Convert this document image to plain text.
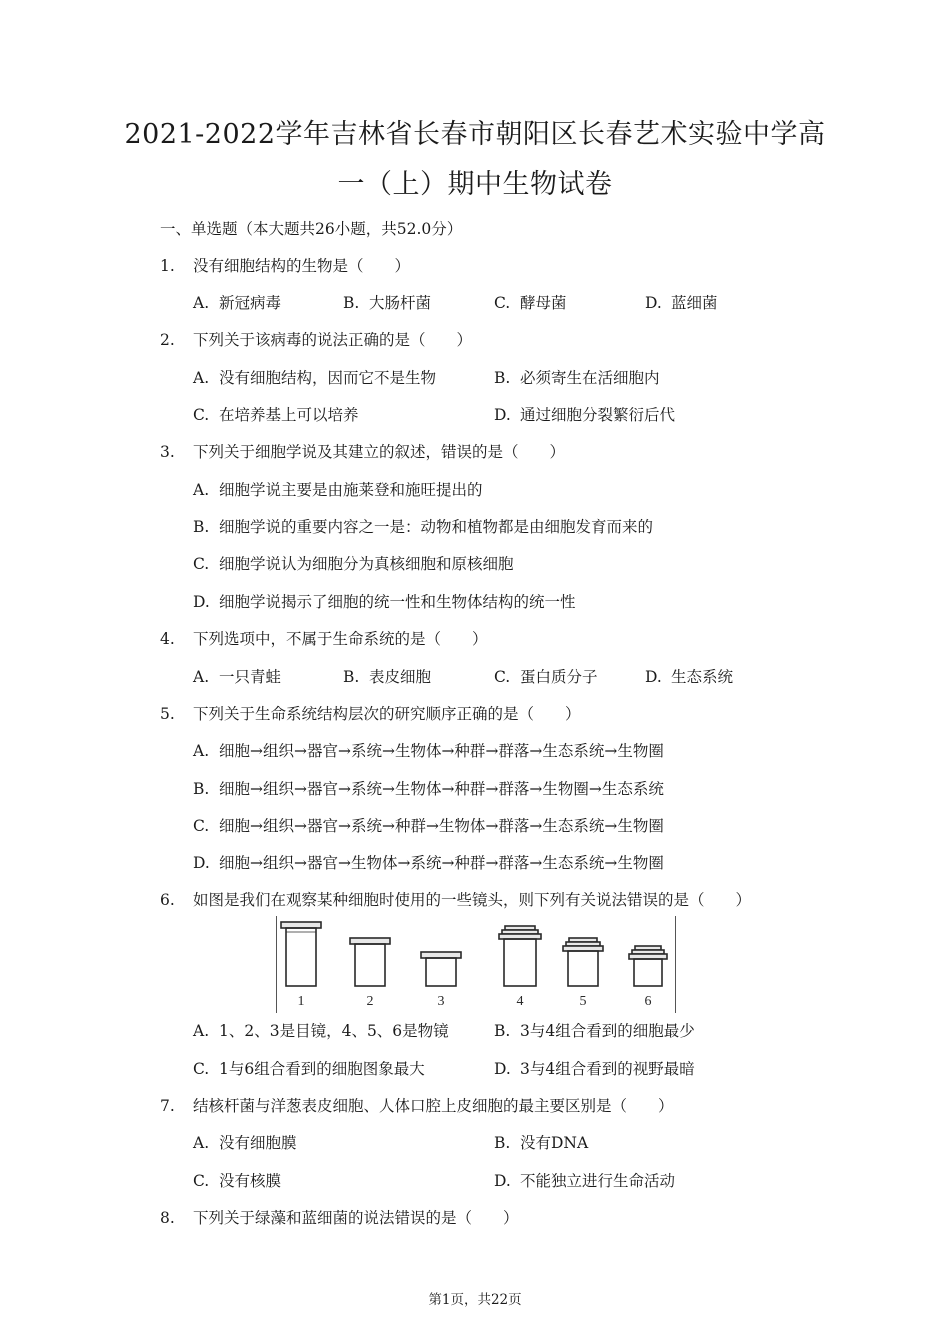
2021-2022学年吉林省长春市朝阳区长春艺术实验中学高
一（上）期中生物试卷
一、单选题（本大题共26小题，共52.0分）
1. 没有细胞结构的生物是（　　）
A. 新冠病毒	B. 大肠杆菌	C. 酵母菌	D. 蓝细菌
2. 下列关于该病毒的说法正确的是（　　）
A. 没有细胞结构，因而它不是生物	B. 必须寄生在活细胞内
C. 在培养基上可以培养	D. 通过细胞分裂繁衍后代
3. 下列关于细胞学说及其建立的叙述，错误的是（　　）
A. 细胞学说主要是由施莱登和施旺提出的
B. 细胞学说的重要内容之一是：动物和植物都是由细胞发育而来的
C. 细胞学说认为细胞分为真核细胞和原核细胞
D. 细胞学说揭示了细胞的统一性和生物体结构的统一性
4. 下列选项中，不属于生命系统的是（　　）
A. 一只青蛙	B. 表皮细胞	C. 蛋白质分子	D. 生态系统
5. 下列关于生命系统结构层次的研究顺序正确的是（　　）
A. 细胞→组织→器官→系统→生物体→种群→群落→生态系统→生物圈
B. 细胞→组织→器官→系统→生物体→种群→群落→生物圈→生态系统
C. 细胞→组织→器官→系统→种群→生物体→群落→生态系统→生物圈
D. 细胞→组织→器官→生物体→系统→种群→群落→生态系统→生物圈
6. 如图是我们在观察某种细胞时使用的一些镜头，则下列有关说法错误的是（　　）
1	2	3	4	5	6
A. 1、2、3是目镜，4、5、6是物镜	B. 3与4组合看到的细胞最少
C. 1与6组合看到的细胞图象最大	D. 3与4组合看到的视野最暗
7. 结核杆菌与洋葱表皮细胞、人体口腔上皮细胞的最主要区别是（　　）
A. 没有细胞膜	B. 没有DNA
C. 没有核膜	D. 不能独立进行生命活动
8. 下列关于绿藻和蓝细菌的说法错误的是（　　）
第1页，共22页
